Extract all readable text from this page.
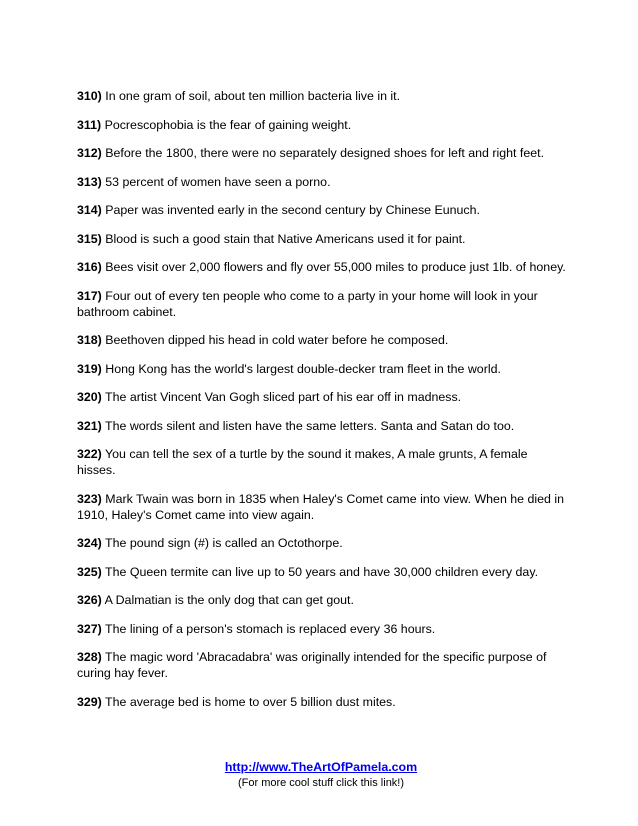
310) In one gram of soil, about ten million bacteria live in it.
311) Pocrescophobia is the fear of gaining weight.
312) Before the 1800, there were no separately designed shoes for left and right feet.
313) 53 percent of women have seen a porno.
314) Paper was invented early in the second century by Chinese Eunuch.
315) Blood is such a good stain that Native Americans used it for paint.
316) Bees visit over 2,000 flowers and fly over 55,000 miles to produce just 1lb. of honey.
317) Four out of every ten people who come to a party in your home will look in your bathroom cabinet.
318) Beethoven dipped his head in cold water before he composed.
319) Hong Kong has the world's largest double-decker tram fleet in the world.
320) The artist Vincent Van Gogh sliced part of his ear off in madness.
321) The words silent and listen have the same letters. Santa and Satan do too.
322) You can tell the sex of a turtle by the sound it makes, A male grunts, A female hisses.
323) Mark Twain was born in 1835 when Haley's Comet came into view. When he died in 1910, Haley's Comet came into view again.
324) The pound sign (#) is called an Octothorpe.
325) The Queen termite can live up to 50 years and have 30,000 children every day.
326) A Dalmatian is the only dog that can get gout.
327) The lining of a person's stomach is replaced every 36 hours.
328) The magic word 'Abracadabra' was originally intended for the specific purpose of curing hay fever.
329) The average bed is home to over 5 billion dust mites.
http://www.TheArtOfPamela.com
(For more cool stuff click this link!)
